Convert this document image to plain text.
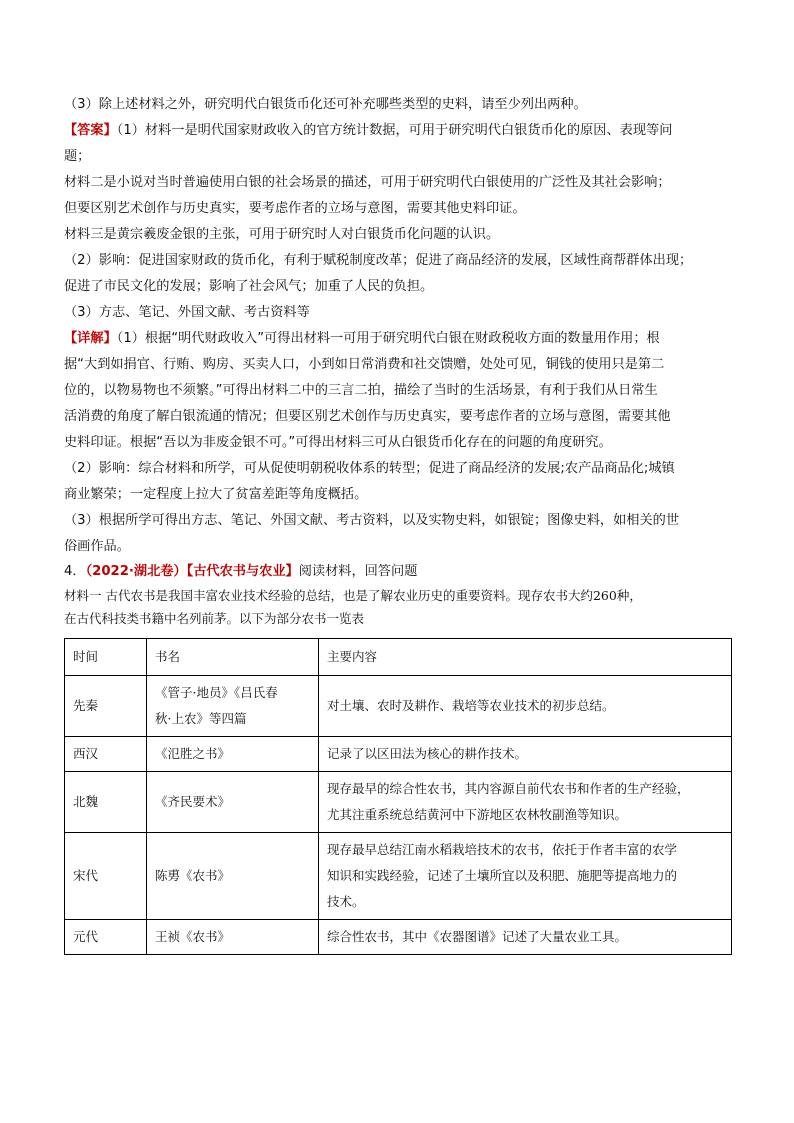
（3）除上述材料之外，研究明代白银货币化还可补充哪些类型的史料，请至少列出两种。
【答案】（1）材料一是明代国家财政收入的官方统计数据，可用于研究明代白银货币化的原因、表现等问
题；
材料二是小说对当时普遍使用白银的社会场景的描述，可用于研究明代白银使用的广泛性及其社会影响；
但要区别艺术创作与历史真实，要考虑作者的立场与意图，需要其他史料印证。
材料三是黄宗羲废金银的主张，可用于研究时人对白银货币化问题的认识。
（2）影响：促进国家财政的货币化，有利于赋税制度改革；促进了商品经济的发展，区域性商帮群体出现；
促进了市民文化的发展；影响了社会风气；加重了人民的负担。
（3）方志、笔记、外国文献、考古资料等
【详解】（1）根据“明代财政收入”可得出材料一可用于研究明代白银在财政税收方面的数量用作用；根
据“大到如捐官、行贿、购房、买卖人口，小到如日常消费和社交馈赠，处处可见，铜钱的使用只是第二
位的，以物易物也不须繁。”可得出材料二中的三言二拍，描绘了当时的生活场景，有利于我们从日常生
活消费的角度了解白银流通的情况；但要区别艺术创作与历史真实，要考虑作者的立场与意图，需要其他
史料印证。根据“吾以为非废金银不可。”可得出材料三可从白银货币化存在的问题的角度研究。
（2）影响：综合材料和所学，可从促使明朝税收体系的转型；促进了商品经济的发展;农产品商品化;城镇
商业繁荣；一定程度上拉大了贫富差距等角度概括。
（3）根据所学可得出方志、笔记、外国文献、考古资料，以及实物史料，如银锭；图像史料，如相关的世
俗画作品。
4．（2022·湖北卷）【古代农书与农业】阅读材料，回答问题
材料一 古代农书是我国丰富农业技术经验的总结，也是了解农业历史的重要资料。现存农书大约260种，
在古代科技类书籍中名列前茅。以下为部分农书一览表
时间	书名	主要内容
先秦	《管子·地员》《吕氏春
秋·上农》等四篇	对土壤、农时及耕作、栽培等农业技术的初步总结。

西汉	《氾胜之书》	记录了以区田法为核心的耕作技术。

北魏	《齐民要术》	现存最早的综合性农书，其内容源自前代农书和作者的生产经验，
尤其注重系统总结黄河中下游地区农林牧副渔等知识。

宋代	陈旉《农书》	现存最早总结江南水稻栽培技术的农书，依托于作者丰富的农学
知识和实践经验，记述了土壤所宜以及积肥、施肥等提高地力的
技术。

元代	王祯《农书》	综合性农书，其中《农器图谱》记述了大量农业工具。
